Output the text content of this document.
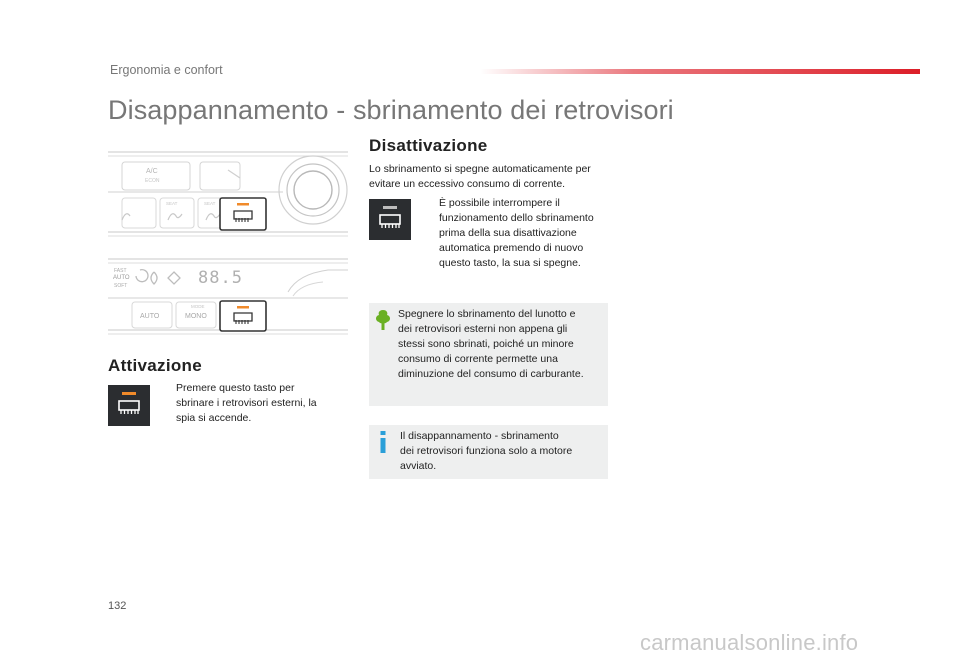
Ergonomia e confort
Disappannamento - sbrinamento dei retrovisori
A/C
ECON
SEAT	SEAT
FAST
AUTO
SOFT	88.5
AUTO
MODE
MONO
Attivazione
Premere questo tasto per
sbrinare i retrovisori esterni, la
spia si accende.
Disattivazione
Lo sbrinamento si spegne automaticamente per
evitare un eccessivo consumo di corrente.
È possibile interrompere il
funzionamento dello sbrinamento
prima della sua disattivazione
automatica premendo di nuovo
questo tasto, la sua si spegne.
Spegnere lo sbrinamento del lunotto e
dei retrovisori esterni non appena gli
stessi sono sbrinati, poiché un minore
consumo di corrente permette una
diminuzione del consumo di carburante.
Il disappannamento - sbrinamento
dei retrovisori funziona solo a motore
avviato.
132
carmanualsonline.info
